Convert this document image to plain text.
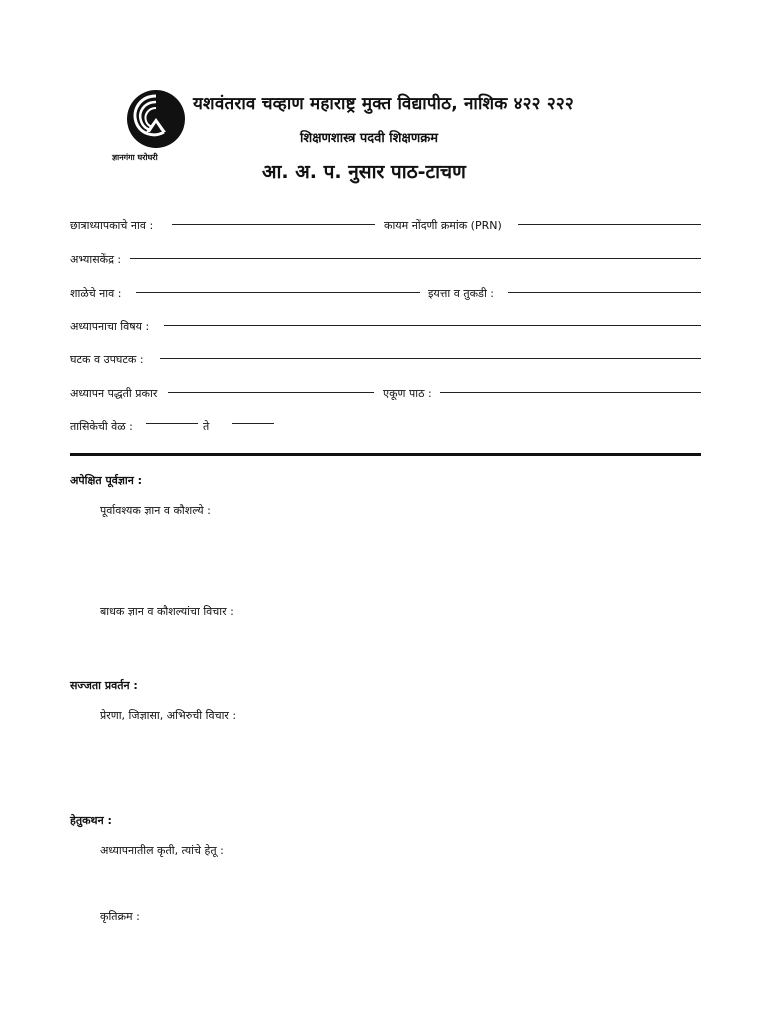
ज्ञानगंगा घरोघरी
यशवंतराव चव्हाण महाराष्ट्र मुक्त विद्यापीठ, नाशिक ४२२ २२२
शिक्षणशास्त्र पदवी शिक्षणक्रम
आ. अ. प. नुसार पाठ-टाचण
छात्राध्यापकाचे नाव :	कायम नोंदणी क्रमांक (PRN)
अभ्यासकेंद्र :
शाळेचे नाव :	इयत्ता व तुकडी :
अध्यापनाचा विषय :
घटक व उपघटक :
अध्यापन पद्धती प्रकार	एकूण पाठ :
तासिकेची वेळ :	ते
अपेक्षित पूर्वज्ञान :
पूर्वावश्यक ज्ञान व कौशल्ये :
बाधक ज्ञान व कौशल्यांचा विचार :
सज्जता प्रवर्तन :
प्रेरणा, जिज्ञासा, अभिरुची विचार :
हेतुकथन :
अध्यापनातील कृती, त्यांचे हेतू :
कृतिक्रम :
